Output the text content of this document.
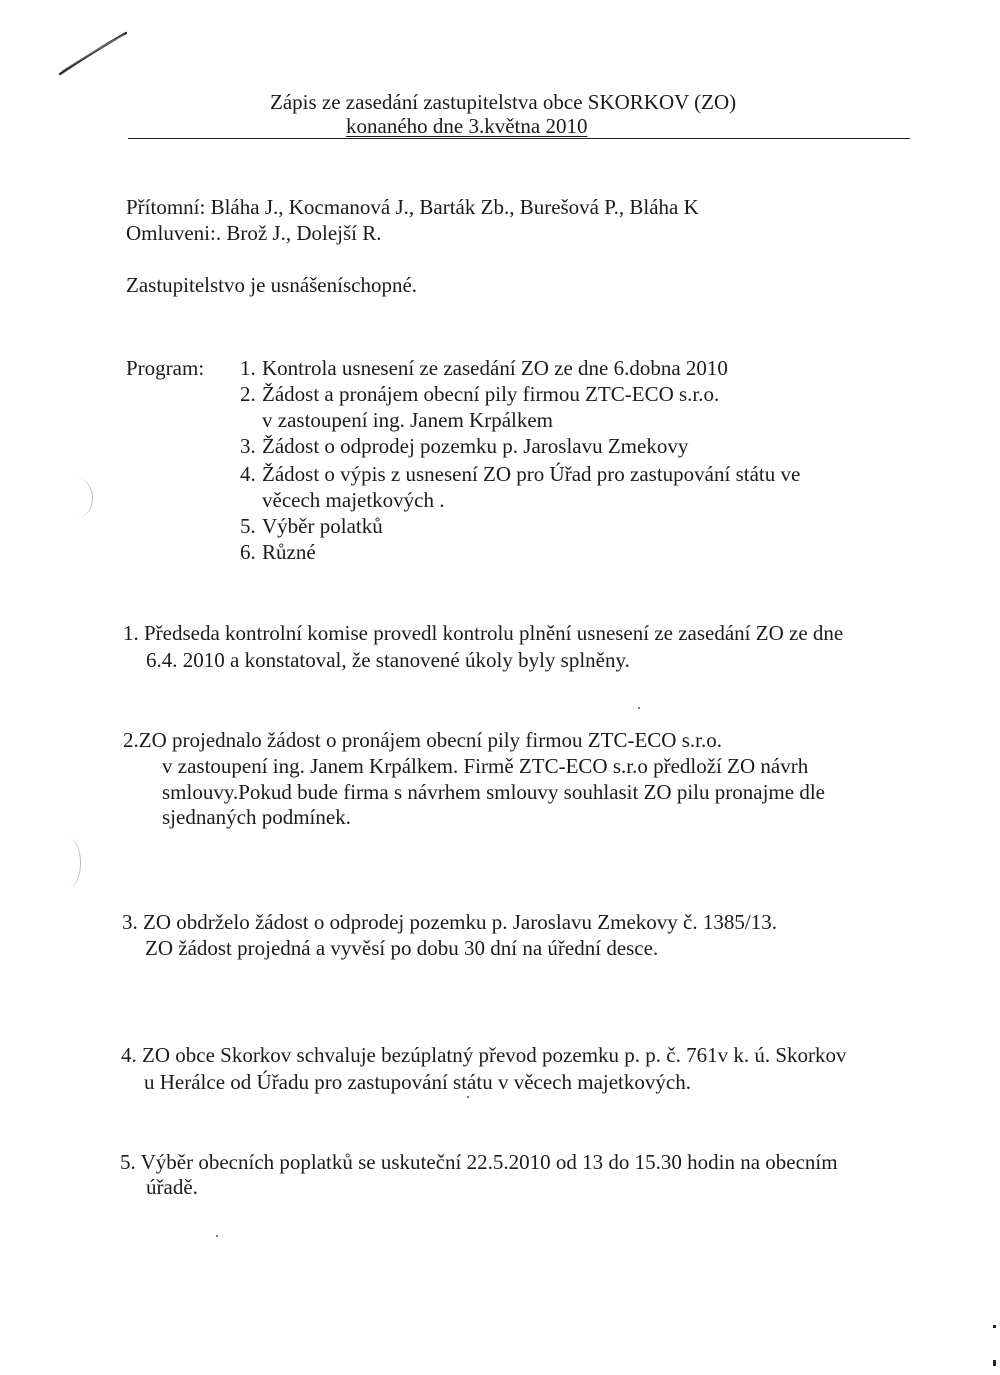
Zápis ze zasedání zastupitelstva obce SKORKOV (ZO)
konaného dne 3.května 2010
Přítomní: Bláha J., Kocmanová J., Barták Zb., Burešová P., Bláha K
Omluveni:. Brož J., Dolejší R.
Zastupitelstvo je usnášeníschopné.
Program: 1. Kontrola usnesení ze zasedání ZO ze dne 6.dobna 2010
2. Žádost a pronájem obecní pily firmou ZTC-ECO s.r.o.
v zastoupení ing. Janem Krpálkem
3. Žádost o odprodej pozemku p. Jaroslavu Zmekovy
4. Žádost o výpis z usnesení ZO pro Úřad pro zastupování státu ve
věcech majetkových .
5. Výběr polatků
6. Různé
1. Předseda kontrolní komise provedl kontrolu plnění usnesení ze zasedání ZO ze dne
6.4. 2010 a konstatoval, že stanovené úkoly byly splněny.
2.ZO projednalo žádost o pronájem obecní pily firmou ZTC-ECO s.r.o.
v zastoupení ing. Janem Krpálkem. Firmě ZTC-ECO s.r.o předloží ZO návrh
smlouvy.Pokud bude firma s návrhem smlouvy souhlasit ZO pilu pronajme dle
sjednaných podmínek.
3. ZO obdrželo žádost o odprodej pozemku p. Jaroslavu Zmekovy č. 1385/13.
ZO žádost projedná a vyvěsí po dobu 30 dní na úřední desce.
4. ZO obce Skorkov schvaluje bezúplatný převod pozemku p. p. č. 761v k. ú. Skorkov
u Herálce od Úřadu pro zastupování státu v věcech majetkových.
5. Výběr obecních poplatků se uskuteční 22.5.2010 od 13 do 15.30 hodin na obecním
úřadě.
